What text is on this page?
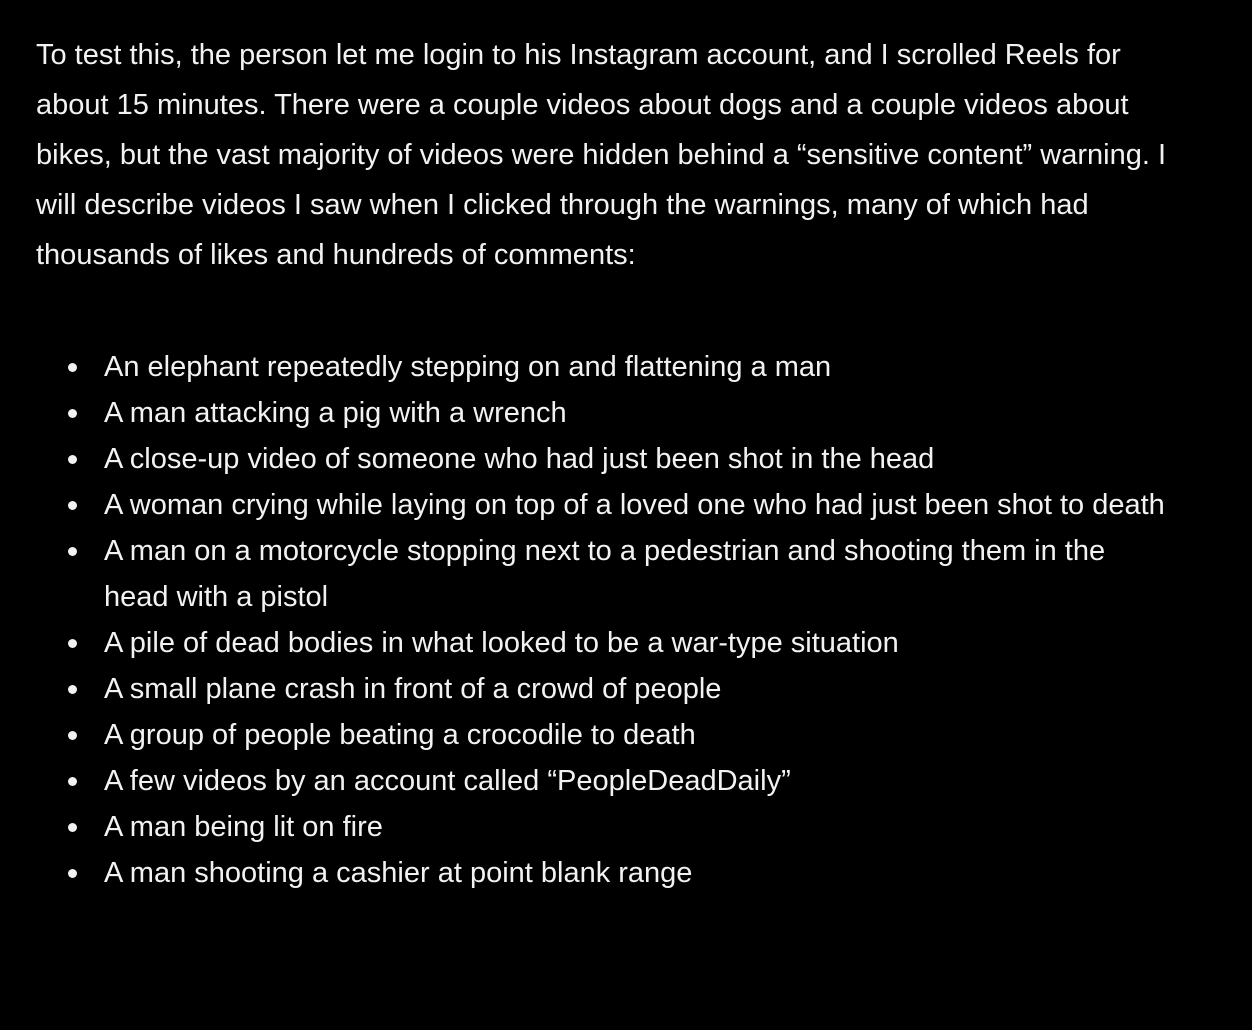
To test this, the person let me login to his Instagram account, and I scrolled Reels for about 15 minutes. There were a couple videos about dogs and a couple videos about bikes, but the vast majority of videos were hidden behind a “sensitive content” warning. I will describe videos I saw when I clicked through the warnings, many of which had thousands of likes and hundreds of comments:

An elephant repeatedly stepping on and flattening a man
A man attacking a pig with a wrench
A close-up video of someone who had just been shot in the head
A woman crying while laying on top of a loved one who had just been shot to death
A man on a motorcycle stopping next to a pedestrian and shooting them in the head with a pistol
A pile of dead bodies in what looked to be a war-type situation
A small plane crash in front of a crowd of people
A group of people beating a crocodile to death
A few videos by an account called “PeopleDeadDaily”
A man being lit on fire
A man shooting a cashier at point blank range
